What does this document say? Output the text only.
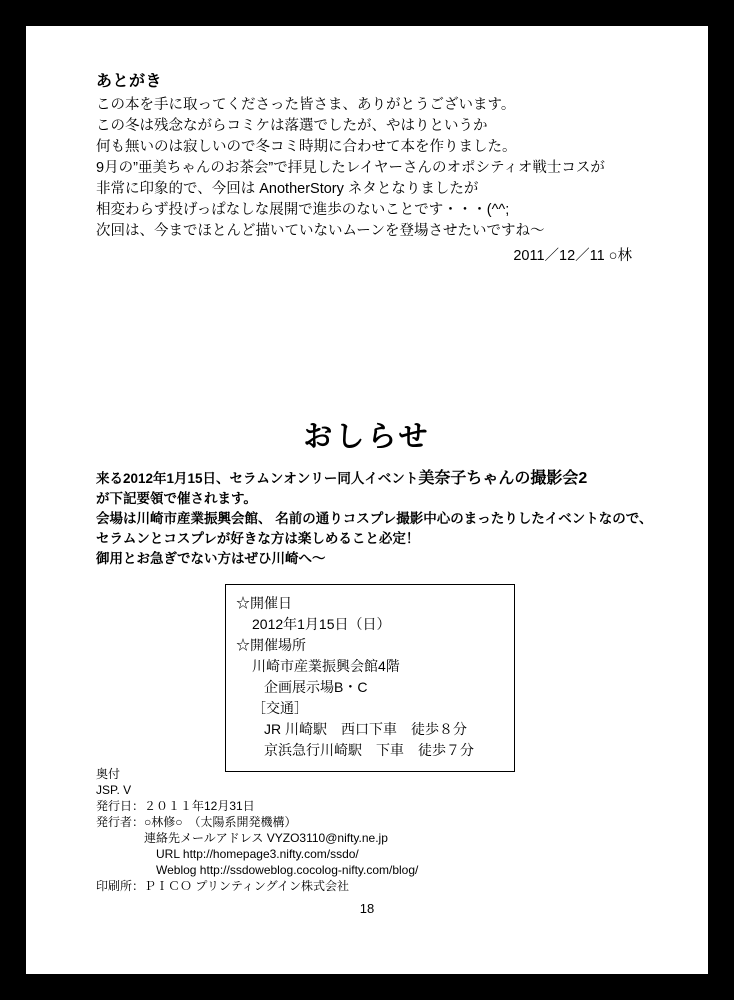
あとがき
この本を手に取ってくださった皆さま、ありがとうございます。
この冬は残念ながらコミケは落選でしたが、やはりというか
何も無いのは寂しいので冬コミ時期に合わせて本を作りました。
9月の”亜美ちゃんのお茶会”で拝見したレイヤーさんのオポシティオ戦士コスが
非常に印象的で、今回は AnotherStory ネタとなりましたが
相変わらず投げっぱなしな展開で進歩のないことです・・・(^^;
次回は、今までほとんど描いていないムーンを登場させたいですね～
2011／12／11 ○林
おしらせ
来る2012年1月15日、セラムンオンリー同人イベント美奈子ちゃんの撮影会2
が下記要領で催されます。
会場は川崎市産業振興会館、 名前の通りコスプレ撮影中心のまったりしたイベントなので、
セラムンとコスプレが好きな方は楽しめること必定！
御用とお急ぎでない方はぜひ川崎へ～
☆開催日
2012年1月15日（日）
☆開催場所
川崎市産業振興会館4階
企画展示場B・C
［交通］
JR 川崎駅　西口下車　徒歩８分
京浜急行川崎駅　下車　徒歩７分
奥付
JSP. V
発行日：２０１１年12月31日
発行者：○林修○　（太陽系開発機構）
連絡先メールアドレス VYZO3110@nifty.ne.jp
URL http://homepage3.nifty.com/ssdo/
Weblog http://ssdoweblog.cocolog-nifty.com/blog/
印刷所：ＰＩＣＯ プリンティングイン株式会社
18
